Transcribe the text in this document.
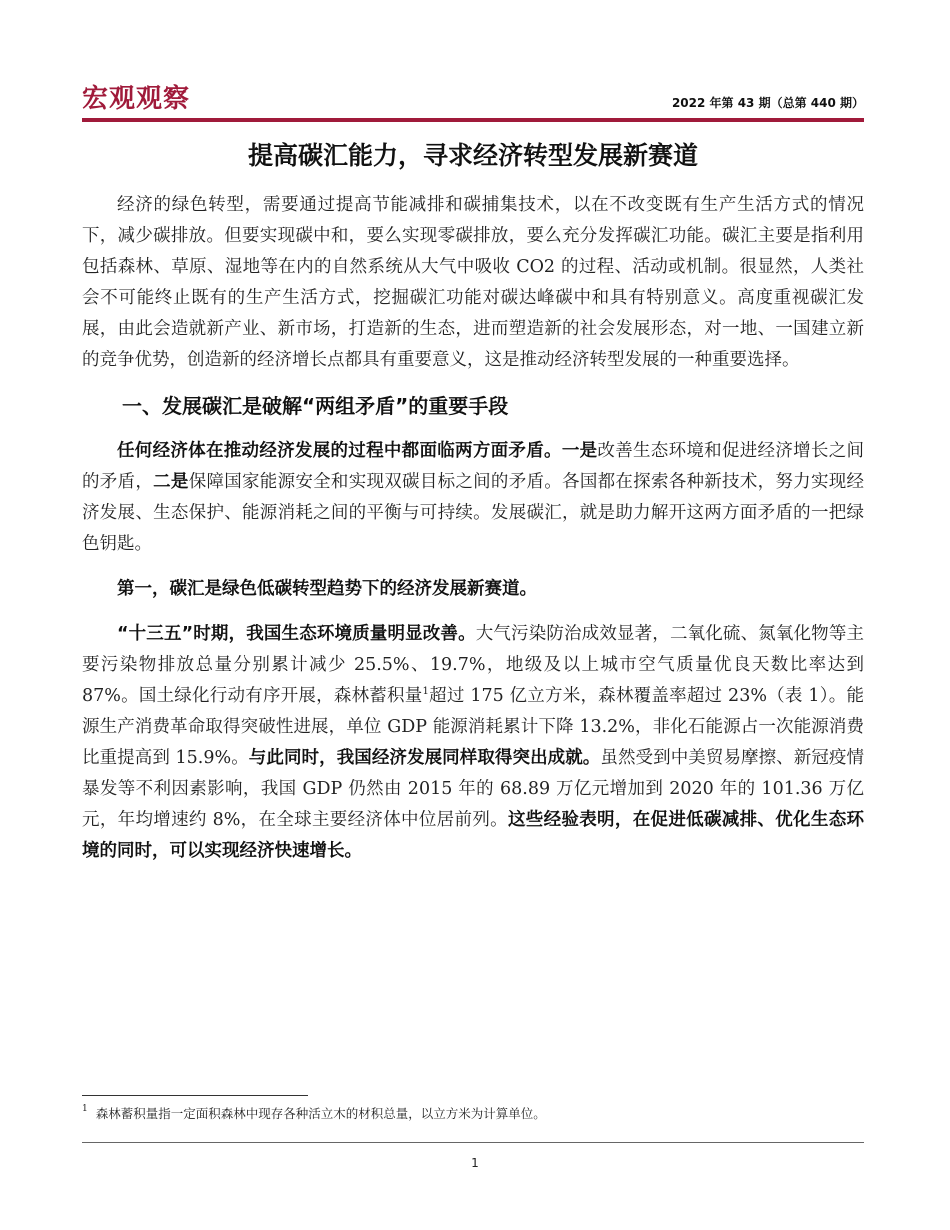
宏观观察	2022 年第 43 期（总第 440 期）
提高碳汇能力，寻求经济转型发展新赛道

经济的绿色转型，需要通过提高节能减排和碳捕集技术，以在不改变既有生产生活方式的情况下，减少碳排放。但要实现碳中和，要么实现零碳排放，要么充分发挥碳汇功能。碳汇主要是指利用包括森林、草原、湿地等在内的自然系统从大气中吸收 CO2 的过程、活动或机制。很显然，人类社会不可能终止既有的生产生活方式，挖掘碳汇功能对碳达峰碳中和具有特别意义。高度重视碳汇发展，由此会造就新产业、新市场，打造新的生态，进而塑造新的社会发展形态，对一地、一国建立新的竞争优势，创造新的经济增长点都具有重要意义，这是推动经济转型发展的一种重要选择。

一、发展碳汇是破解“两组矛盾”的重要手段

任何经济体在推动经济发展的过程中都面临两方面矛盾。一是改善生态环境和促进经济增长之间的矛盾，二是保障国家能源安全和实现双碳目标之间的矛盾。各国都在探索各种新技术，努力实现经济发展、生态保护、能源消耗之间的平衡与可持续。发展碳汇，就是助力解开这两方面矛盾的一把绿色钥匙。

第一，碳汇是绿色低碳转型趋势下的经济发展新赛道。

“十三五”时期，我国生态环境质量明显改善。大气污染防治成效显著，二氧化硫、氮氧化物等主要污染物排放总量分别累计减少 25.5%、19.7%，地级及以上城市空气质量优良天数比率达到 87%。国土绿化行动有序开展，森林蓄积量$^1$超过 175 亿立方米，森林覆盖率超过 23%（表 1）。能源生产消费革命取得突破性进展，单位 GDP 能源消耗累计下降 13.2%，非化石能源占一次能源消费比重提高到 15.9%。与此同时，我国经济发展同样取得突出成就。虽然受到中美贸易摩擦、新冠疫情暴发等不利因素影响，我国 GDP 仍然由 2015 年的 68.89 万亿元增加到 2020 年的 101.36 万亿元，年均增速约 8%，在全球主要经济体中位居前列。这些经验表明，在促进低碳减排、优化生态环境的同时，可以实现经济快速增长。

$^1$ 森林蓄积量指一定面积森林中现存各种活立木的材积总量，以立方米为计算单位。
1
